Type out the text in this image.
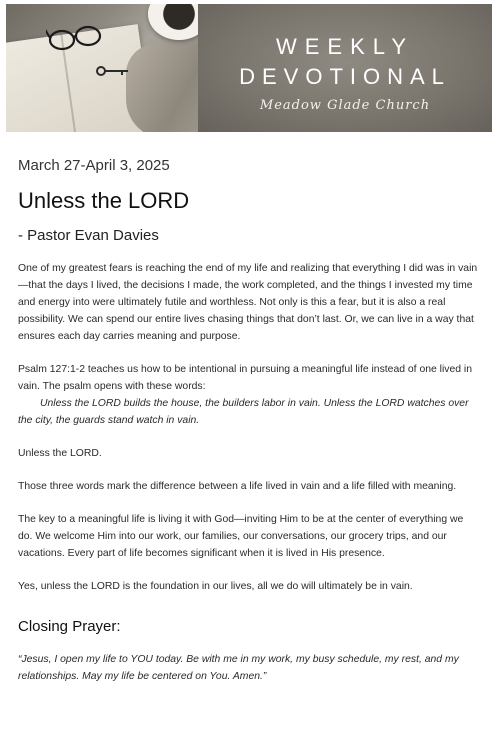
WEEKLY
DEVOTIONAL
Meadow Glade Church
March 27-April 3, 2025
Unless the LORD
- Pastor Evan Davies

One of my greatest fears is reaching the end of my life and realizing that everything I did was in vain—that the days I lived, the decisions I made, the work completed, and the things I invested my time and energy into were ultimately futile and worthless. Not only is this a fear, but it is also a real possibility. We can spend our entire lives chasing things that don’t last. Or, we can live in a way that ensures each day carries meaning and purpose.

Psalm 127:1-2 teaches us how to be intentional in pursuing a meaningful life instead of one lived in vain. The psalm opens with these words:

Unless the LORD builds the house, the builders labor in vain. Unless the LORD watches over the city, the guards stand watch in vain.

Unless the LORD.

Those three words mark the difference between a life lived in vain and a life filled with meaning.

The key to a meaningful life is living it with God—inviting Him to be at the center of everything we do. We welcome Him into our work, our families, our conversations, our grocery trips, and our vacations. Every part of life becomes significant when it is lived in His presence.

Yes, unless the LORD is the foundation in our lives, all we do will ultimately be in vain.

Closing Prayer:

“Jesus, I open my life to YOU today. Be with me in my work, my busy schedule, my rest, and my relationships. May my life be centered on You. Amen.”
